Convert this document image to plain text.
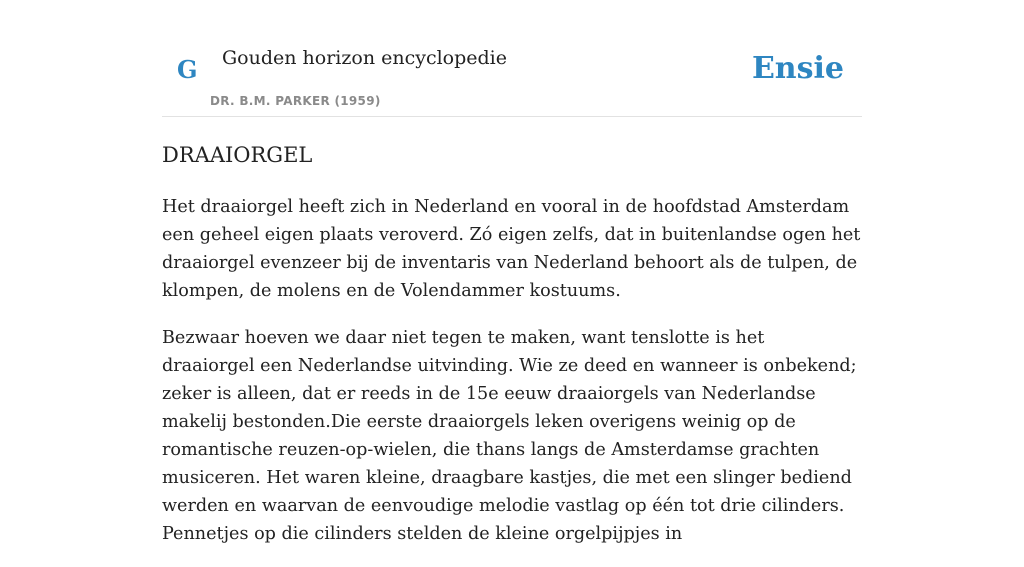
G Gouden horizon encyclopedie
DR. B.M. PARKER (1959)
Ensie
DRAAIORGEL

Het draaiorgel heeft zich in Nederland en vooral in de hoofdstad Amsterdam een geheel eigen plaats veroverd. Zó eigen zelfs, dat in buitenlandse ogen het draaiorgel evenzeer bij de inventaris van Nederland behoort als de tulpen, de klompen, de molens en de Volendammer kostuums.

Bezwaar hoeven we daar niet tegen te maken, want tenslotte is het draaiorgel een Nederlandse uitvinding. Wie ze deed en wanneer is onbekend; zeker is alleen, dat er reeds in de 15e eeuw draaiorgels van Nederlandse makelij bestonden.Die eerste draaiorgels leken overigens weinig op de romantische reuzen-op-wielen, die thans langs de Amsterdamse grachten musiceren. Het waren kleine, draagbare kastjes, die met een slinger bediend werden en waarvan de eenvoudige melodie vastlag op één tot drie cilinders. Pennetjes op die cilinders stelden de kleine orgelpijpjes in
